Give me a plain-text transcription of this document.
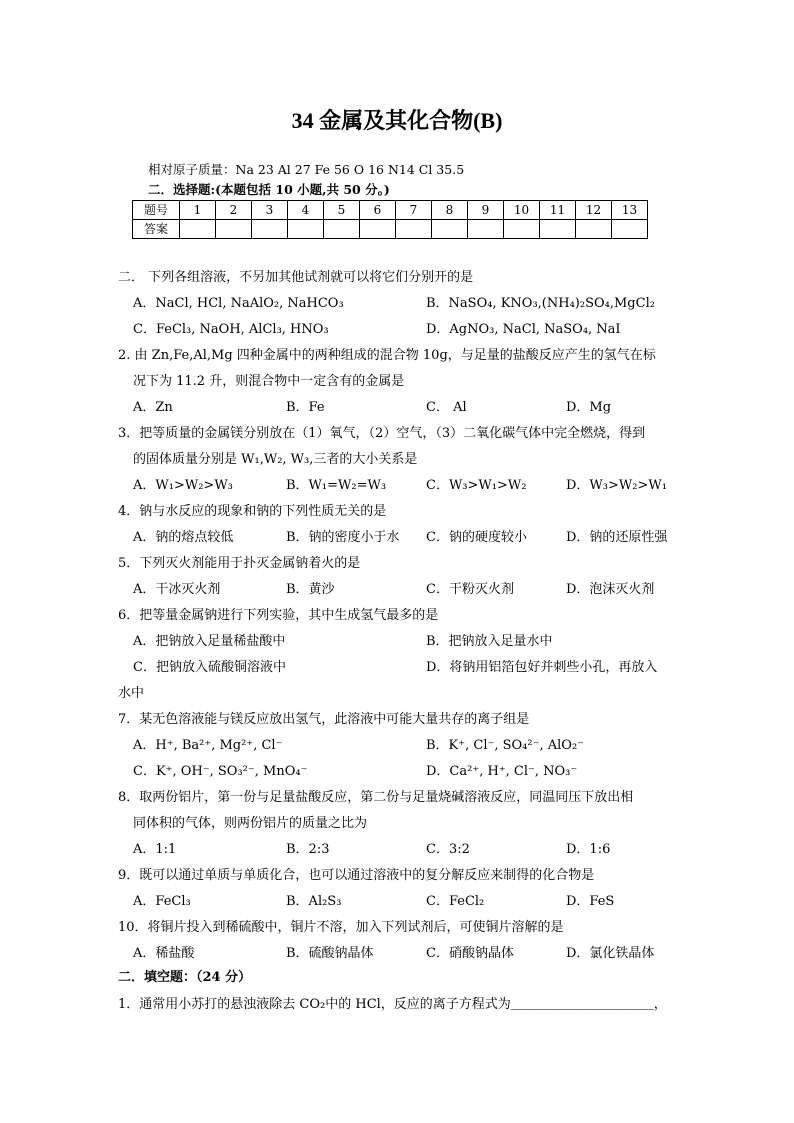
34 金属及其化合物(B)
相对原子质量：Na 23 Al 27 Fe 56 O 16 N14 Cl 35.5
二．选择题:(本题包括 10 小题,共 50 分。)
题号	1	2	3	4	5	6	7	8	9	10	11	12	13
答案													
二． 下列各组溶液，不另加其他试剂就可以将它们分别开的是
A．NaCl, HCl, NaAlO₂, NaHCO₃	B．NaSO₄, KNO₃,(NH₄)₂SO₄,MgCl₂
C．FeCl₃, NaOH, AlCl₃, HNO₃	D．AgNO₃, NaCl, NaSO₄, NaI
2. 由 Zn,Fe,Al,Mg 四种金属中的两种组成的混合物 10g，与足量的盐酸反应产生的氢气在标
况下为 11.2 升，则混合物中一定含有的金属是
A．Zn	B．Fe	C． Al	D．Mg
3．把等质量的金属镁分别放在（1）氧气，（2）空气，（3）二氧化碳气体中完全燃烧，得到
的固体质量分别是 W₁,W₂, W₃,三者的大小关系是
A．W₁>W₂>W₃	B．W₁=W₂=W₃	C．W₃>W₁>W₂	D．W₃>W₂>W₁
4．钠与水反应的现象和钠的下列性质无关的是
A．钠的熔点较低	B．钠的密度小于水 C．钠的硬度较小	D．钠的还原性强
5．下列灭火剂能用于扑灭金属钠着火的是
A．干冰灭火剂	B．黄沙	C．干粉灭火剂	D．泡沫灭火剂
6．把等量金属钠进行下列实验，其中生成氢气最多的是
A．把钠放入足量稀盐酸中	B．把钠放入足量水中
C．把钠放入硫酸铜溶液中	D．将钠用铝箔包好并刺些小孔，再放入
水中
7．某无色溶液能与镁反应放出氢气，此溶液中可能大量共存的离子组是
A．H⁺, Ba²⁺, Mg²⁺, Cl⁻	B．K⁺, Cl⁻, SO₄²⁻, AlO₂⁻
C．K⁺, OH⁻, SO₃²⁻, MnO₄⁻	D．Ca²⁺, H⁺, Cl⁻, NO₃⁻
8．取两份铝片，第一份与足量盐酸反应，第二份与足量烧碱溶液反应，同温同压下放出相
同体积的气体，则两份铝片的质量之比为
A．1:1	B．2:3	C．3:2	D．1:6
9．既可以通过单质与单质化合，也可以通过溶液中的复分解反应来制得的化合物是
A．FeCl₃	B．Al₂S₃	C．FeCl₂	D．FeS
10．将铜片投入到稀硫酸中，铜片不溶，加入下列试剂后，可使铜片溶解的是
A．稀盐酸	B．硫酸钠晶体	C．硝酸钠晶体	D．氯化铁晶体
二．填空题：（24 分）
1．通常用小苏打的悬浊液除去 CO₂中的 HCl，反应的离子方程式为＿＿＿＿＿＿＿＿＿＿＿，
